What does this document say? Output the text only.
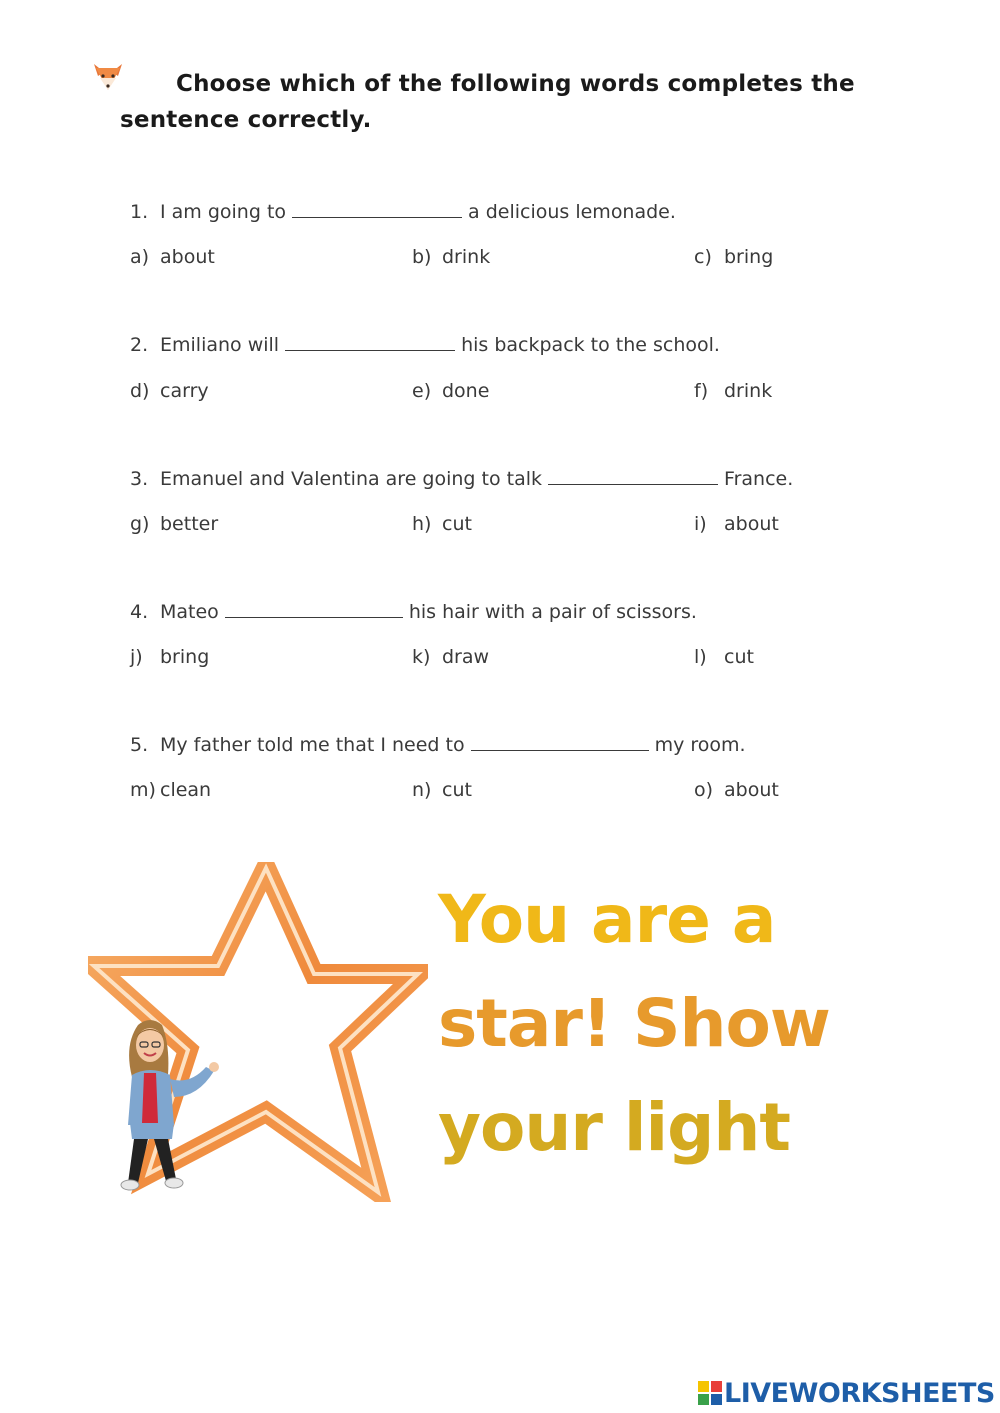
Choose which of the following words completes the sentence correctly.
1. I am going to	a delicious lemonade.
a) about	b) drink	c) bring
2. Emiliano will	his backpack to the school.
d) carry	e) done	f) drink
3. Emanuel and Valentina are going to talk	France.
g) better	h) cut	i) about
4. Mateo	his hair with a pair of scissors.
j) bring	k) draw	l) cut
5. My father told me that I need to	my room.
m) clean	n) cut	o) about
You are a
star! Show
your light
LIVEWORKSHEETS
